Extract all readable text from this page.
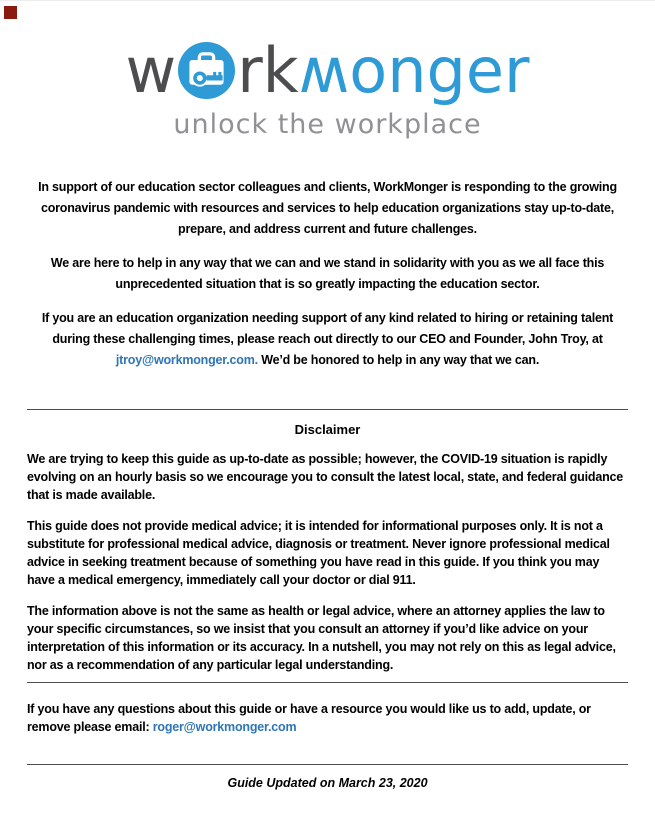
w rkʍonger
unlock the workplace

In support of our education sector colleagues and clients, WorkMonger is responding to the growing coronavirus pandemic with resources and services to help education organizations stay up-to-date, prepare, and address current and future challenges.

We are here to help in any way that we can and we stand in solidarity with you as we all face this unprecedented situation that is so greatly impacting the education sector.

If you are an education organization needing support of any kind related to hiring or retaining talent during these challenging times, please reach out directly to our CEO and Founder, John Troy, at jtroy@workmonger.com. We’d be honored to help in any way that we can.

Disclaimer

We are trying to keep this guide as up-to-date as possible; however, the COVID-19 situation is rapidly evolving on an hourly basis so we encourage you to consult the latest local, state, and federal guidance that is made available.

This guide does not provide medical advice; it is intended for informational purposes only. It is not a substitute for professional medical advice, diagnosis or treatment. Never ignore professional medical advice in seeking treatment because of something you have read in this guide. If you think you may have a medical emergency, immediately call your doctor or dial 911.

The information above is not the same as health or legal advice, where an attorney applies the law to your specific circumstances, so we insist that you consult an attorney if you’d like advice on your interpretation of this information or its accuracy. In a nutshell, you may not rely on this as legal advice, nor as a recommendation of any particular legal understanding.

If you have any questions about this guide or have a resource you would like us to add, update, or remove please email: roger@workmonger.com

Guide Updated on March 23, 2020
